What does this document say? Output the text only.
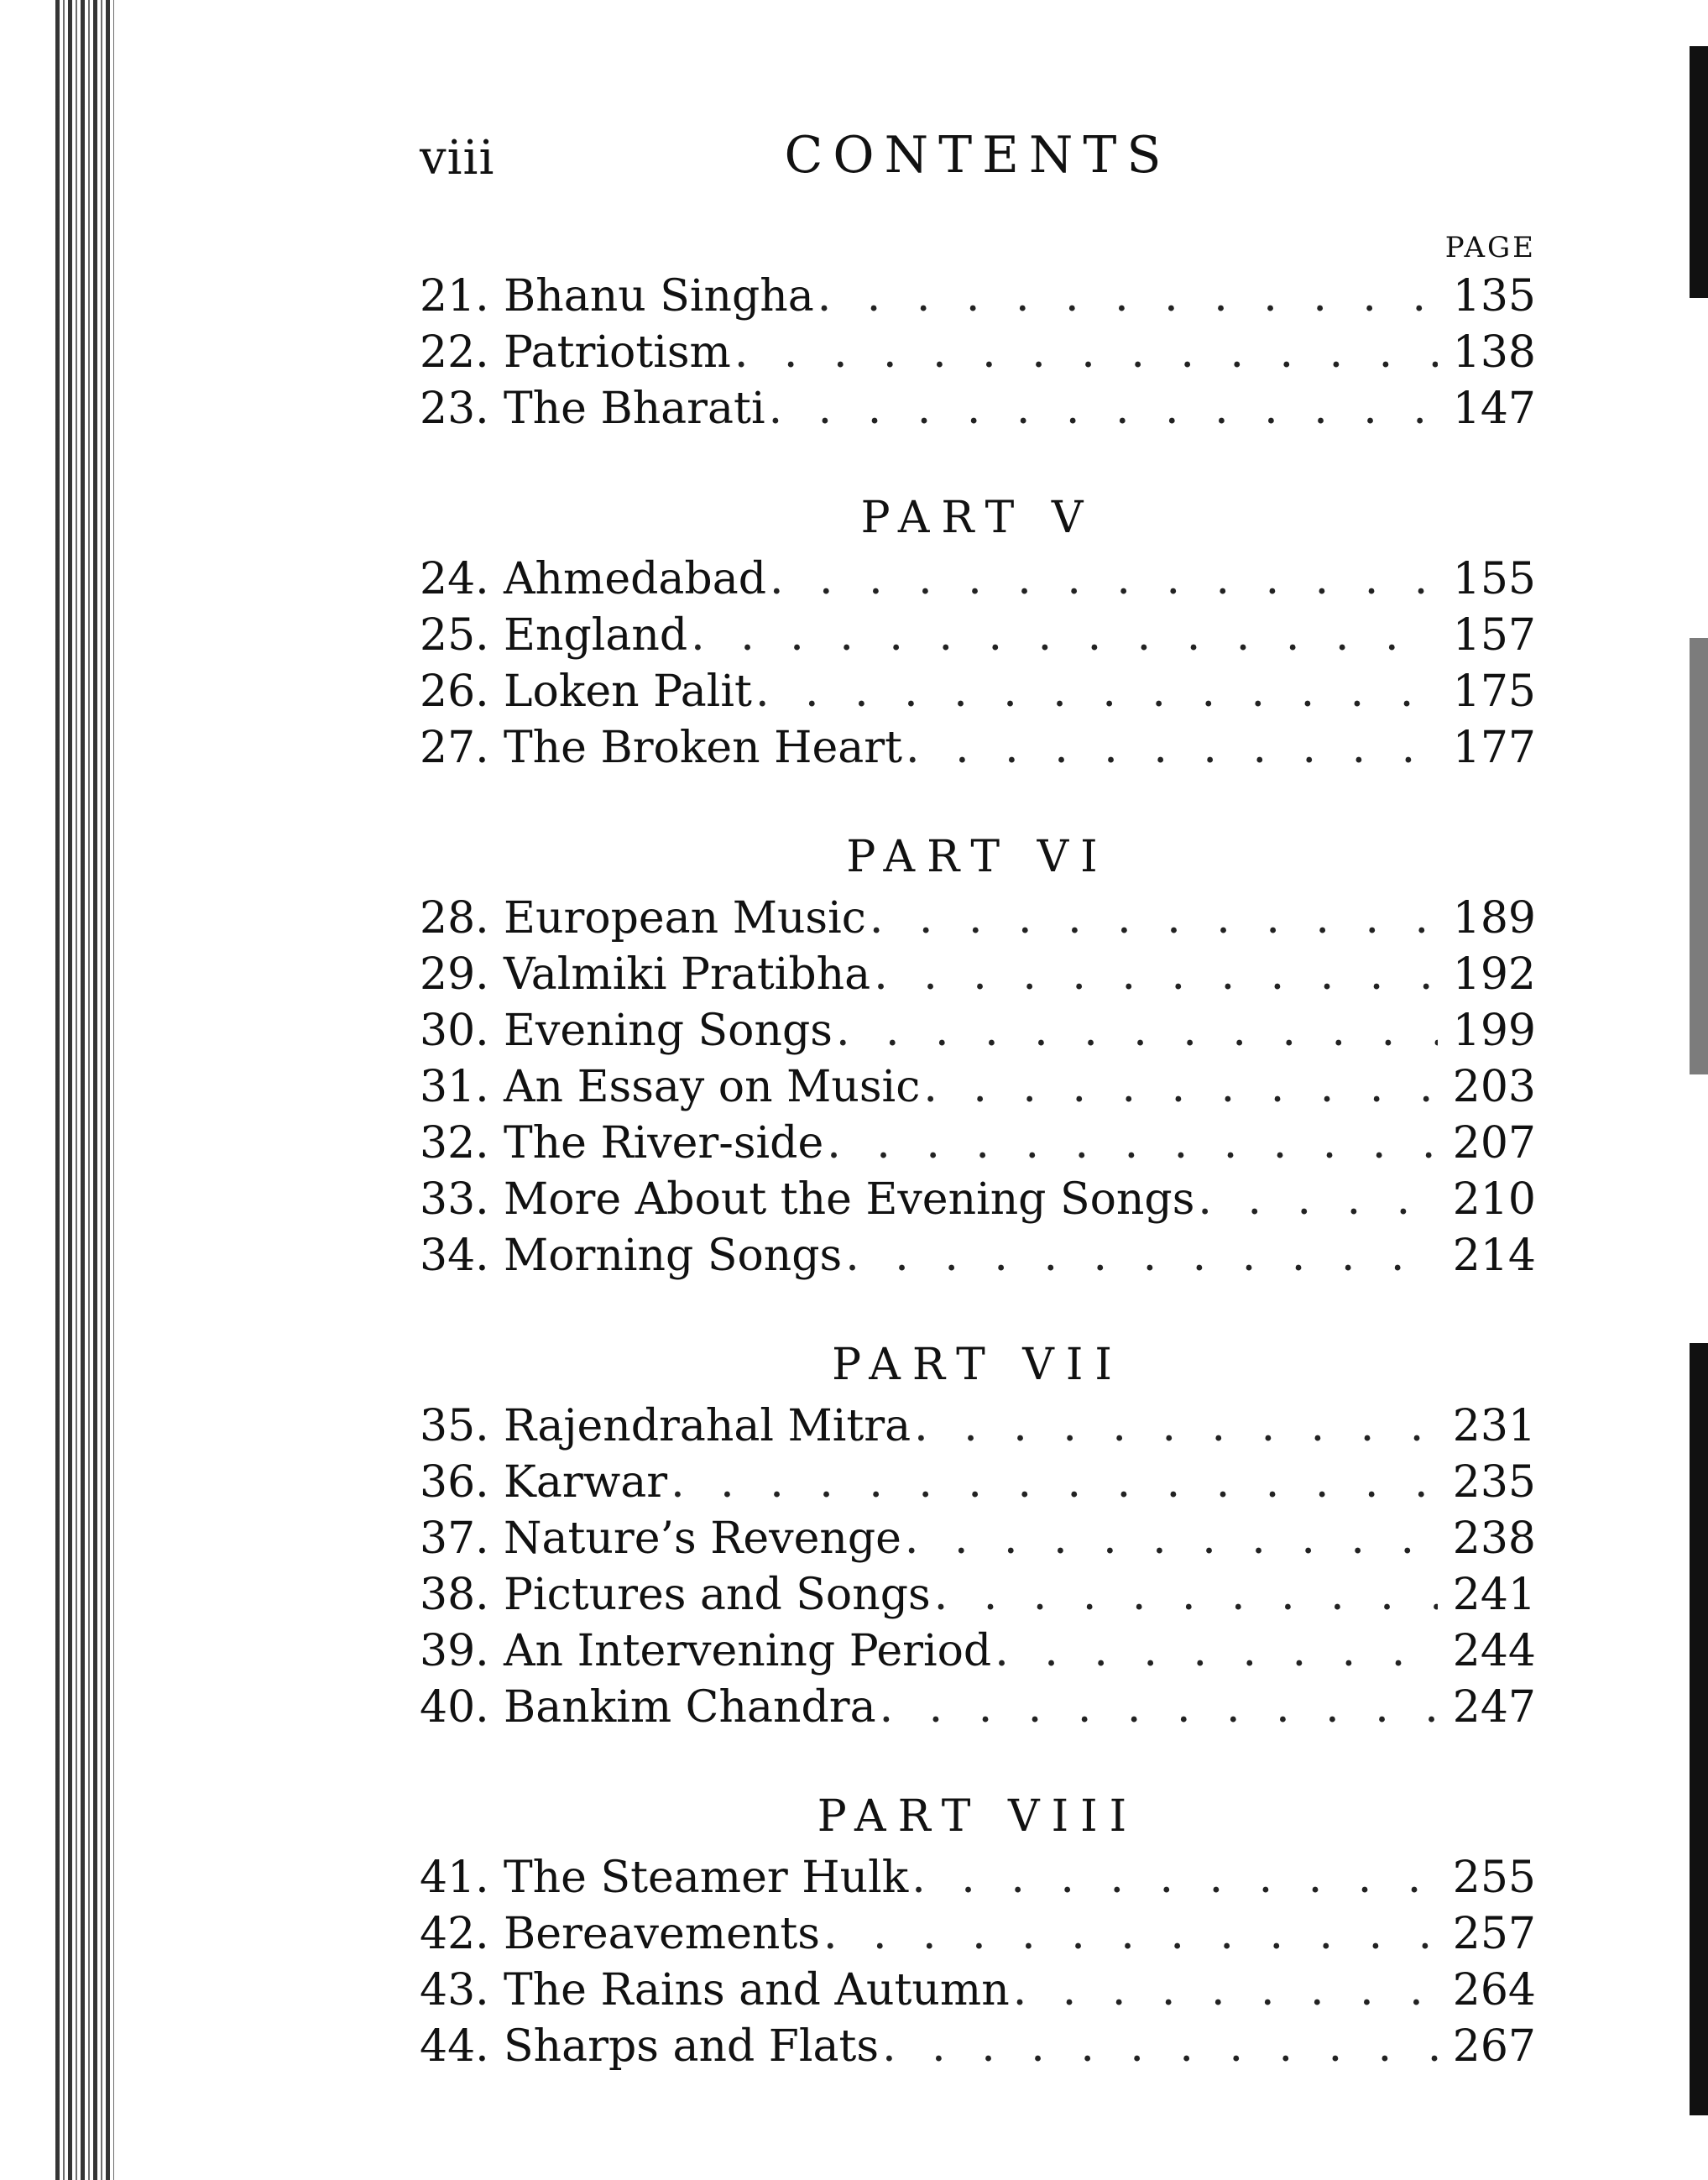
viii	CONTENTS
PAGE
21. Bhanu Singha . . .	135
22. Patriotism . . .	138
23. The Bharati . . .	147
PART V
24. Ahmedabad . . .	155
25. England . . .	157
26. Loken Palit . . .	175
27. The Broken Heart . . .	177
PART VI
28. European Music . . .	189
29. Valmiki Pratibha . . .	192
30. Evening Songs . . .	199
31. An Essay on Music . . .	203
32. The River-side . . .	207
33. More About the Evening Songs . . .	210
34. Morning Songs . . .	214
PART VII
35. Rajendrahal Mitra . . .	231
36. Karwar . . .	235
37. Nature’s Revenge . . .	238
38. Pictures and Songs . . .	241
39. An Intervening Period . . .	244
40. Bankim Chandra . . .	247
PART VIII
41. The Steamer Hulk . . .	255
42. Bereavements . . .	257
43. The Rains and Autumn . . .	264
44. Sharps and Flats . . .	267
